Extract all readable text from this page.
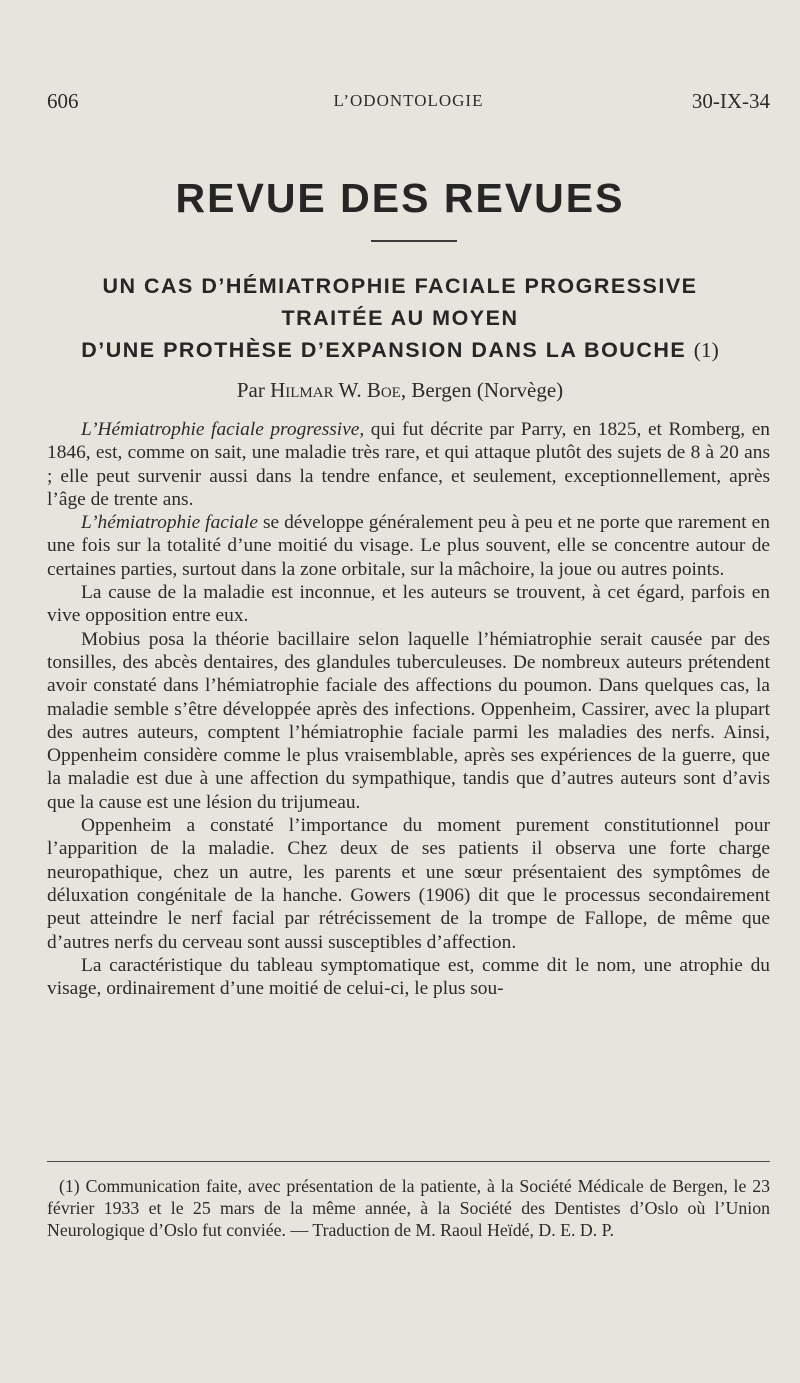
606	L’ODONTOLOGIE	30-IX-34
REVUE DES REVUES
UN CAS D’HÉMIATROPHIE FACIALE PROGRESSIVE
TRAITÉE AU MOYEN
D’UNE PROTHÈSE D’EXPANSION DANS LA BOUCHE (1)
Par Hilmar W. Boe, Bergen (Norvège)

L’Hémiatrophie faciale progressive, qui fut décrite par Parry, en 1825, et Romberg, en 1846, est, comme on sait, une maladie très rare, et qui attaque plutôt des sujets de 8 à 20 ans ; elle peut survenir aussi dans la tendre enfance, et seulement, exceptionnellement, après l’âge de trente ans.

L’hémiatrophie faciale se développe généralement peu à peu et ne porte que rarement en une fois sur la totalité d’une moitié du visage. Le plus souvent, elle se concentre autour de certaines parties, surtout dans la zone orbitale, sur la mâchoire, la joue ou autres points.

La cause de la maladie est inconnue, et les auteurs se trouvent, à cet égard, parfois en vive opposition entre eux.

Mobius posa la théorie bacillaire selon laquelle l’hémiatrophie serait causée par des tonsilles, des abcès dentaires, des glandules tuberculeuses. De nombreux auteurs prétendent avoir constaté dans l’hémiatrophie faciale des affections du poumon. Dans quelques cas, la maladie semble s’être développée après des infections. Oppenheim, Cassirer, avec la plupart des autres auteurs, comptent l’hémiatrophie faciale parmi les maladies des nerfs. Ainsi, Oppenheim considère comme le plus vraisemblable, après ses expériences de la guerre, que la maladie est due à une affection du sympathique, tandis que d’autres auteurs sont d’avis que la cause est une lésion du trijumeau.

Oppenheim a constaté l’importance du moment purement constitutionnel pour l’apparition de la maladie. Chez deux de ses patients il observa une forte charge neuropathique, chez un autre, les parents et une sœur présentaient des symptômes de déluxation congénitale de la hanche. Gowers (1906) dit que le processus secondairement peut atteindre le nerf facial par rétrécissement de la trompe de Fallope, de même que d’autres nerfs du cerveau sont aussi susceptibles d’affection.

La caractéristique du tableau symptomatique est, comme dit le nom, une atrophie du visage, ordinairement d’une moitié de celui-ci, le plus sou-

(1) Communication faite, avec présentation de la patiente, à la Société Médicale de Bergen, le 23 février 1933 et le 25 mars de la même année, à la Société des Dentistes d’Oslo où l’Union Neurologique d’Oslo fut conviée. — Traduction de M. Raoul Heïdé, D. E. D. P.
